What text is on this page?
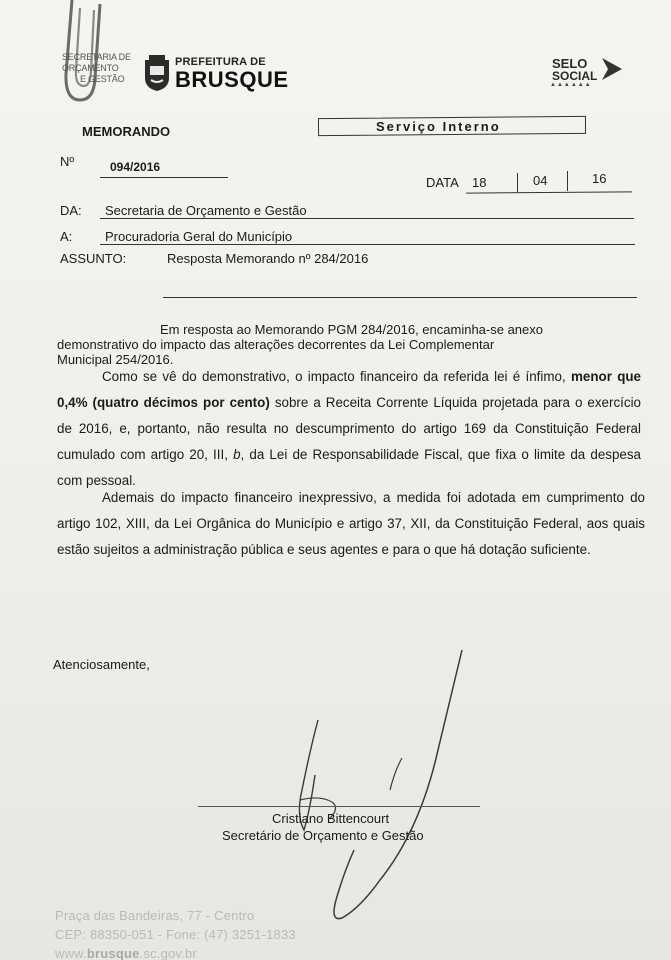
SECRETARIA DE
ORÇAMENTO
E GESTÃO
PREFEITURA DE
BRUSQUE
SELO
SOCIAL
▲▲▲▲▲▲
MEMORANDO	Serviço Interno
Nº	094/2016
DATA 18	04	16
DA: Secretaria de Orçamento e Gestão
A:	Procuradoria Geral do Município
ASSUNTO:	Resposta Memorando nº 284/2016
Em resposta ao Memorando PGM 284/2016, encaminha-se anexo
demonstrativo do impacto das alterações decorrentes da Lei Complementar
Municipal 254/2016.
Como se vê do demonstrativo, o impacto financeiro da referida lei é ínfimo, menor que 0,4% (quatro décimos por cento) sobre a Receita Corrente Líquida projetada para o exercício de 2016, e, portanto, não resulta no descumprimento do artigo 169 da Constituição Federal cumulado com artigo 20, III, b, da Lei de Responsabilidade Fiscal, que fixa o limite da despesa com pessoal.
Ademais do impacto financeiro inexpressivo, a medida foi adotada em cumprimento do artigo 102, XIII, da Lei Orgânica do Município e artigo 37, XII, da Constituição Federal, aos quais estão sujeitos a administração pública e seus agentes e para o que há dotação suficiente.
Atenciosamente,
Cristiano Bittencourt
Secretário de Orçamento e Gestão
Praça das Bandeiras, 77 - Centro
CEP: 88350-051 - Fone: (47) 3251-1833
www.brusque.sc.gov.br
